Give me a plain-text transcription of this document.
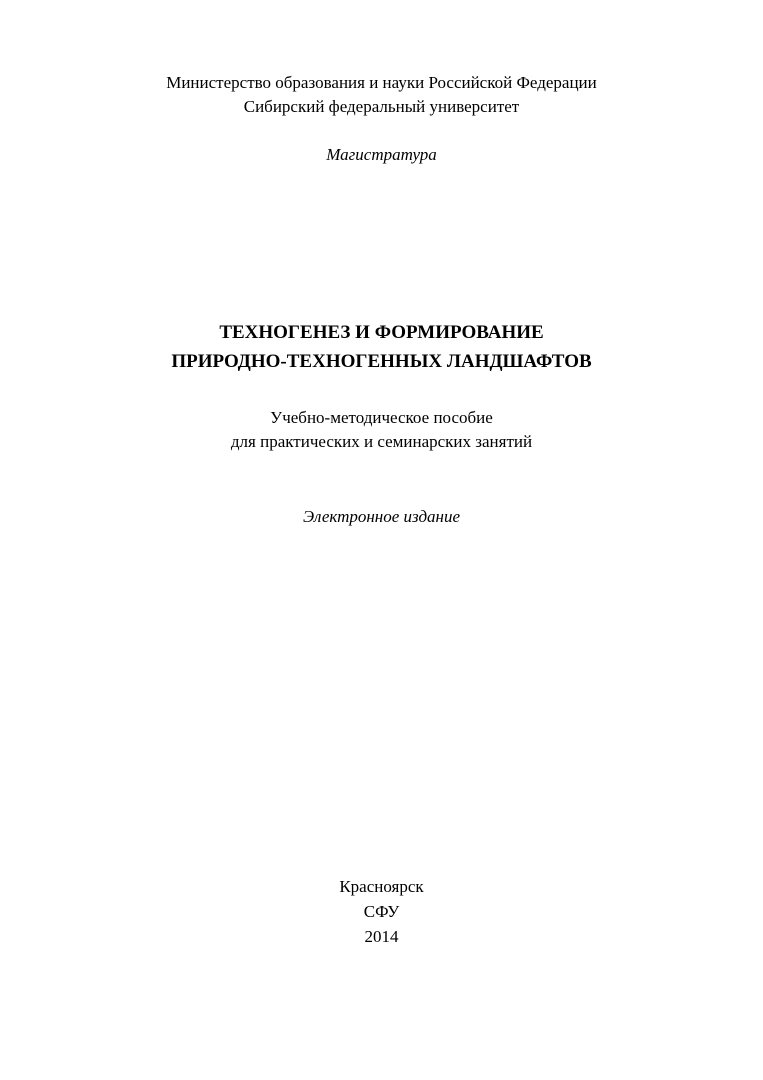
Министерство образования и науки Российской Федерации
Сибирский федеральный университет
Магистратура
ТЕХНОГЕНЕЗ И ФОРМИРОВАНИЕ
ПРИРОДНО-ТЕХНОГЕННЫХ ЛАНДШАФТОВ
Учебно-методическое пособие
для практических и семинарских занятий
Электронное издание
Красноярск
СФУ
2014
